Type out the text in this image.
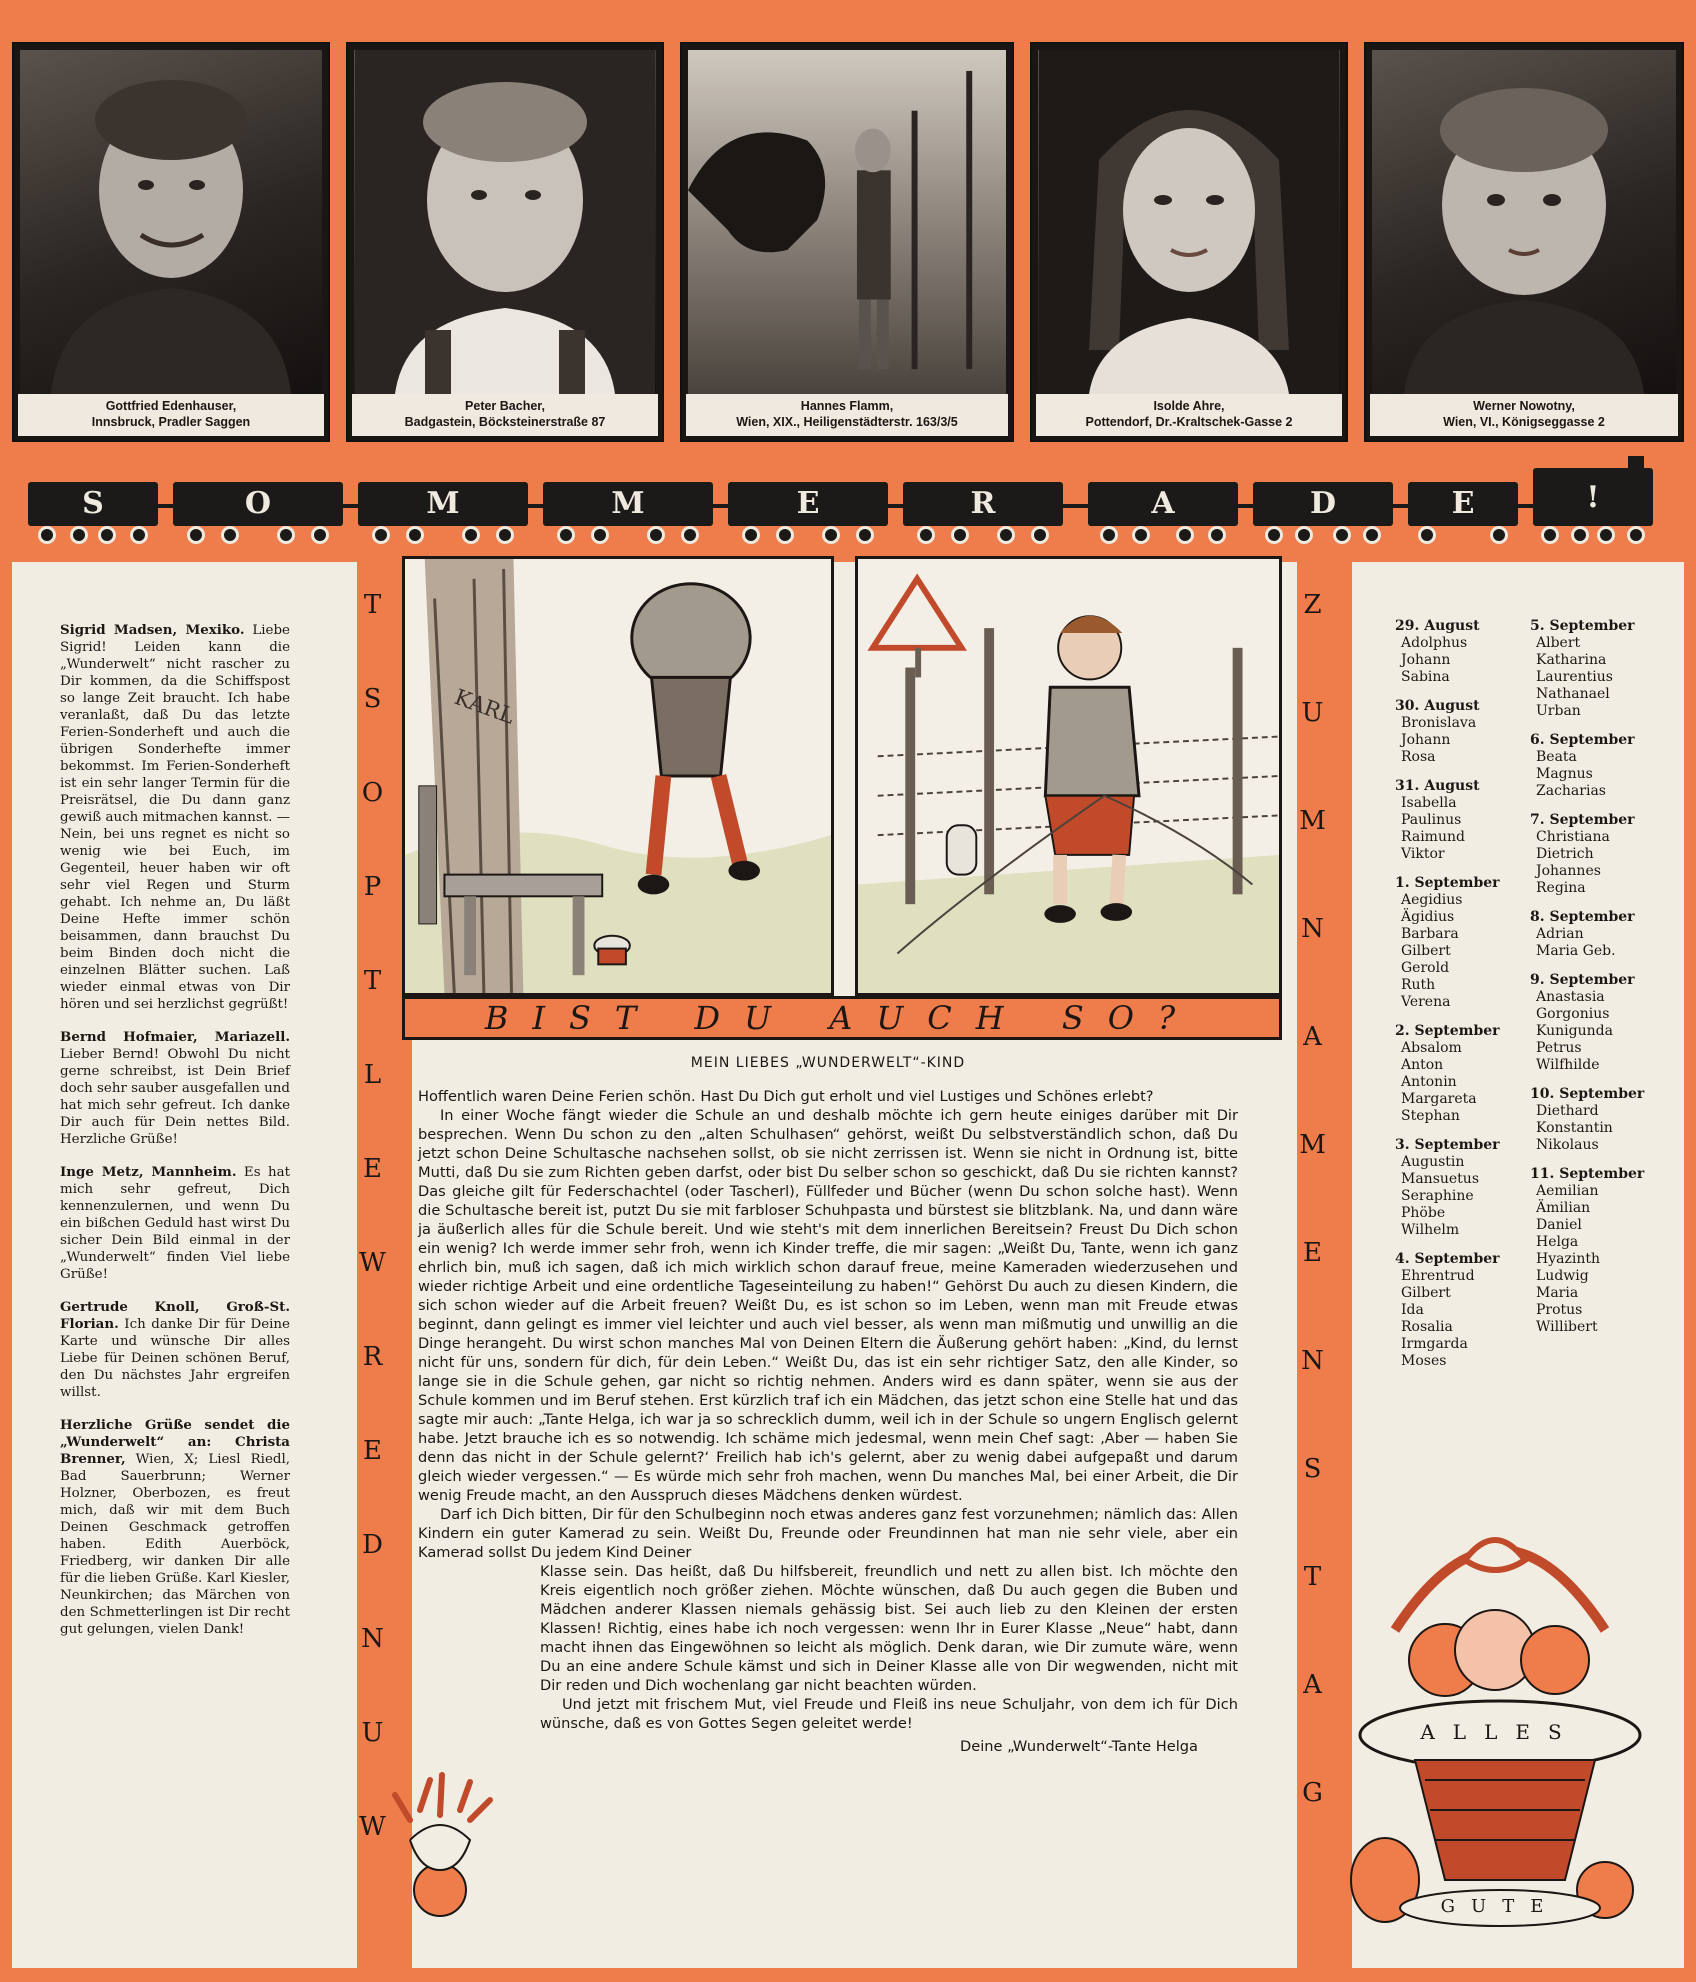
Gottfried Edenhauser,
Innsbruck, Pradler Saggen
Peter Bacher,
Badgastein, Böcksteinerstraße 87
Hannes Flamm,
Wien, XIX., Heiligenstädterstr. 163/3/5
Isolde Ahre,
Pottendorf, Dr.-Kraltschek-Gasse 2
Werner Nowotny,
Wien, VI., Königseggasse 2
S	O	M	M	E	R	A	D	E	!
T
S
O
P
T
L
E
W
R
E
D
N
U
W
Z
U
M
N
A
M
E
N
S
T
A
G
KARL
BIST DU AUCH SO?

Sigrid Madsen, Mexiko. Liebe Sigrid! Leiden kann die „Wunderwelt“ nicht rascher zu Dir kommen, da die Schiffspost so lange Zeit braucht. Ich habe veranlaßt, daß Du das letzte Ferien-Sonderheft und auch die übrigen Sonderhefte immer bekommst. Im Ferien-Sonderheft ist ein sehr langer Termin für die Preisrätsel, die Du dann ganz gewiß auch mitmachen kannst. — Nein, bei uns regnet es nicht so wenig wie bei Euch, im Gegenteil, heuer haben wir oft sehr viel Regen und Sturm gehabt. Ich nehme an, Du läßt Deine Hefte immer schön beisammen, dann brauchst Du beim Binden doch nicht die einzelnen Blätter suchen. Laß wieder einmal etwas von Dir hören und sei herzlichst gegrüßt!

Bernd Hofmaier, Mariazell. Lieber Bernd! Obwohl Du nicht gerne schreibst, ist Dein Brief doch sehr sauber ausgefallen und hat mich sehr gefreut. Ich danke Dir auch für Dein nettes Bild. Herzliche Grüße!

Inge Metz, Mannheim. Es hat mich sehr gefreut, Dich kennenzulernen, und wenn Du ein bißchen Geduld hast wirst Du sicher Dein Bild einmal in der „Wunderwelt“ finden Viel liebe Grüße!

Gertrude Knoll, Groß-St. Florian. Ich danke Dir für Deine Karte und wünsche Dir alles Liebe für Deinen schönen Beruf, den Du nächstes Jahr ergreifen willst.

Herzliche Grüße sendet die „Wunderwelt“ an: Christa Brenner, Wien, X; Liesl Riedl, Bad Sauerbrunn; Werner Holzner, Oberbozen, es freut mich, daß wir mit dem Buch Deinen Geschmack getroffen haben. Edith Auerböck, Friedberg, wir danken Dir alle für die lieben Grüße. Karl Kiesler, Neunkirchen; das Märchen von den Schmetterlingen ist Dir recht gut gelungen, vielen Dank!

MEIN LIEBES „WUNDERWELT“-KIND

Hoffentlich waren Deine Ferien schön. Hast Du Dich gut erholt und viel Lustiges und Schönes erlebt?

In einer Woche fängt wieder die Schule an und deshalb möchte ich gern heute einiges darüber mit Dir besprechen. Wenn Du schon zu den „alten Schulhasen“ gehörst, weißt Du selbstverständlich schon, daß Du jetzt schon Deine Schultasche nachsehen sollst, ob sie nicht zerrissen ist. Wenn sie nicht in Ordnung ist, bitte Mutti, daß Du sie zum Richten geben darfst, oder bist Du selber schon so geschickt, daß Du sie richten kannst? Das gleiche gilt für Federschachtel (oder Tascherl), Füllfeder und Bücher (wenn Du schon solche hast). Wenn die Schultasche bereit ist, putzt Du sie mit farbloser Schuhpasta und bürstest sie blitzblank. Na, und dann wäre ja äußerlich alles für die Schule bereit. Und wie steht's mit dem innerlichen Bereitsein? Freust Du Dich schon ein wenig? Ich werde immer sehr froh, wenn ich Kinder treffe, die mir sagen: „Weißt Du, Tante, wenn ich ganz ehrlich bin, muß ich sagen, daß ich mich wirklich schon darauf freue, meine Kameraden wiederzusehen und wieder richtige Arbeit und eine ordentliche Tageseinteilung zu haben!“ Gehörst Du auch zu diesen Kindern, die sich schon wieder auf die Arbeit freuen? Weißt Du, es ist schon so im Leben, wenn man mit Freude etwas beginnt, dann gelingt es immer viel leichter und auch viel besser, als wenn man mißmutig und unwillig an die Dinge herangeht. Du wirst schon manches Mal von Deinen Eltern die Äußerung gehört haben: „Kind, du lernst nicht für uns, sondern für dich, für dein Leben.“ Weißt Du, das ist ein sehr richtiger Satz, den alle Kinder, so lange sie in die Schule gehen, gar nicht so richtig nehmen. Anders wird es dann später, wenn sie aus der Schule kommen und im Beruf stehen. Erst kürzlich traf ich ein Mädchen, das jetzt schon eine Stelle hat und das sagte mir auch: „Tante Helga, ich war ja so schrecklich dumm, weil ich in der Schule so ungern Englisch gelernt habe. Jetzt brauche ich es so notwendig. Ich schäme mich jedesmal, wenn mein Chef sagt: ‚Aber — haben Sie denn das nicht in der Schule gelernt?‘ Freilich hab ich's gelernt, aber zu wenig dabei aufgepaßt und darum gleich wieder vergessen.“ — Es würde mich sehr froh machen, wenn Du manches Mal, bei einer Arbeit, die Dir wenig Freude macht, an den Ausspruch dieses Mädchens denken würdest.

Darf ich Dich bitten, Dir für den Schulbeginn noch etwas anderes ganz fest vorzunehmen; nämlich das: Allen Kindern ein guter Kamerad zu sein. Weißt Du, Freunde oder Freundinnen hat man nie sehr viele, aber ein Kamerad sollst Du jedem Kind Deiner

Klasse sein. Das heißt, daß Du hilfsbereit, freundlich und nett zu allen bist. Ich möchte den Kreis eigentlich noch größer ziehen. Möchte wünschen, daß Du auch gegen die Buben und Mädchen anderer Klassen niemals gehässig bist. Sei auch lieb zu den Kleinen der ersten Klassen! Richtig, eines habe ich noch vergessen: wenn Ihr in Eurer Klasse „Neue“ habt, dann macht ihnen das Eingewöhnen so leicht als möglich. Denk daran, wie Dir zumute wäre, wenn Du an eine andere Schule kämst und sich in Deiner Klasse alle von Dir wegwenden, nicht mit Dir reden und Dich wochenlang gar nicht beachten würden.

Und jetzt mit frischem Mut, viel Freude und Fleiß ins neue Schuljahr, von dem ich für Dich wünsche, daß es von Gottes Segen geleitet werde!

Deine „Wunderwelt“-Tante Helga
29. August
Adolphus
Johann
Sabina
30. August
Bronislava
Johann
Rosa
31. August
Isabella
Paulinus
Raimund
Viktor
1. September
Aegidius
Ägidius
Barbara
Gilbert
Gerold
Ruth
Verena
2. September
Absalom
Anton
Antonin
Margareta
Stephan
3. September
Augustin
Mansuetus
Seraphine
Phöbe
Wilhelm
4. September
Ehrentrud
Gilbert
Ida
Rosalia
Irmgarda
Moses
5. September
Albert
Katharina
Laurentius
Nathanael
Urban
6. September
Beata
Magnus
Zacharias
7. September
Christiana
Dietrich
Johannes
Regina
8. September
Adrian
Maria Geb.
9. September
Anastasia
Gorgonius
Kunigunda
Petrus
Wilfhilde
10. September
Diethard
Konstantin
Nikolaus
11. September
Aemilian
Ämilian
Daniel
Helga
Hyazinth
Ludwig
Maria
Protus
Willibert
ALLES
GUTE
